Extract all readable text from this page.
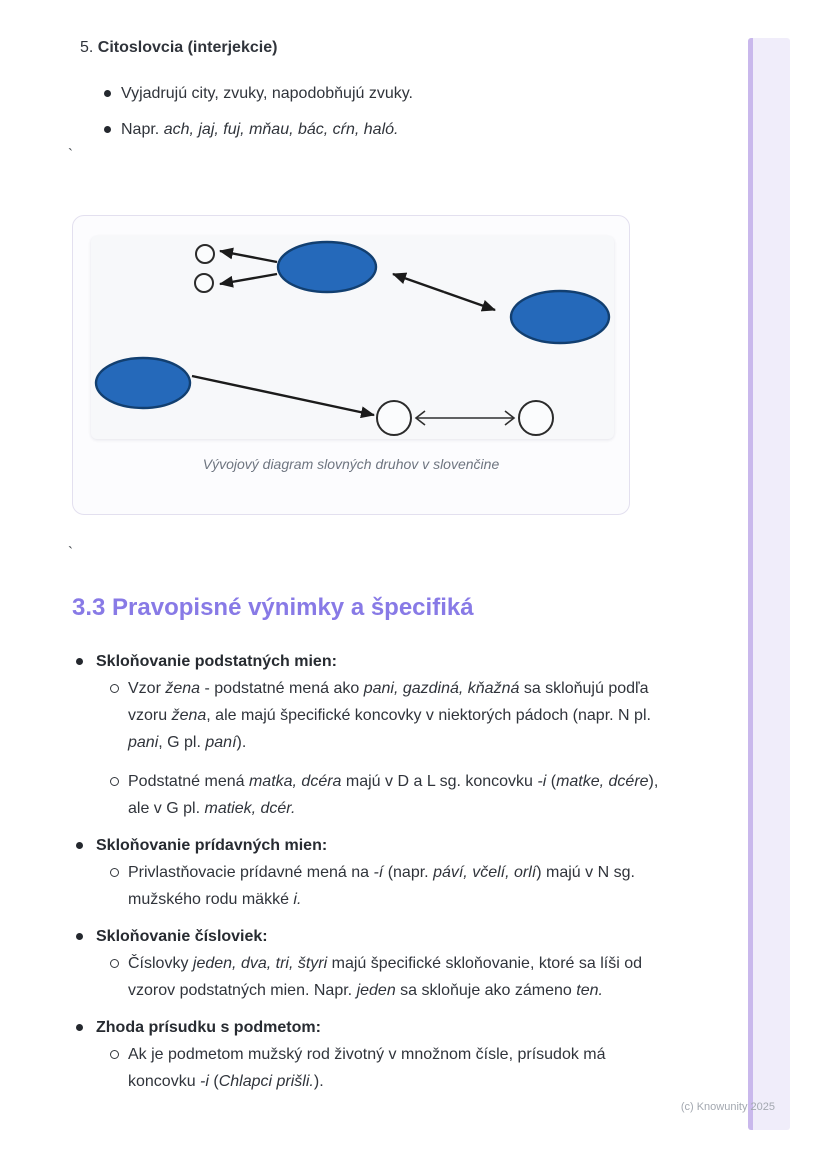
5. Citoslovcia (interjekcie)
Vyjadrujú city, zvuky, napodobňujú zvuky.
Napr. ach, jaj, fuj, mňau, bác, cŕn, haló.
`
`
Vývojový diagram slovných druhov v slovenčine
3.3 Pravopisné výnimky a špecifiká
Skloňovanie podstatných mien:
Vzor žena - podstatné mená ako pani, gazdiná, kňažná sa skloňujú podľa
vzoru žena, ale majú špecifické koncovky v niektorých pádoch (napr. N pl.
pani, G pl. paní).
Podstatné mená matka, dcéra majú v D a L sg. koncovku -i (matke, dcére),
ale v G pl. matiek, dcér.
Skloňovanie prídavných mien:
Privlastňovacie prídavné mená na -í (napr. páví, včelí, orlí) majú v N sg.
mužského rodu mäkké i.
Skloňovanie čísloviek:
Číslovky jeden, dva, tri, štyri majú špecifické skloňovanie, ktoré sa líši od
vzorov podstatných mien. Napr. jeden sa skloňuje ako zámeno ten.
Zhoda prísudku s podmetom:
Ak je podmetom mužský rod životný v množnom čísle, prísudok má
koncovku -i (Chlapci prišli.).
(c) Knowunity 2025
